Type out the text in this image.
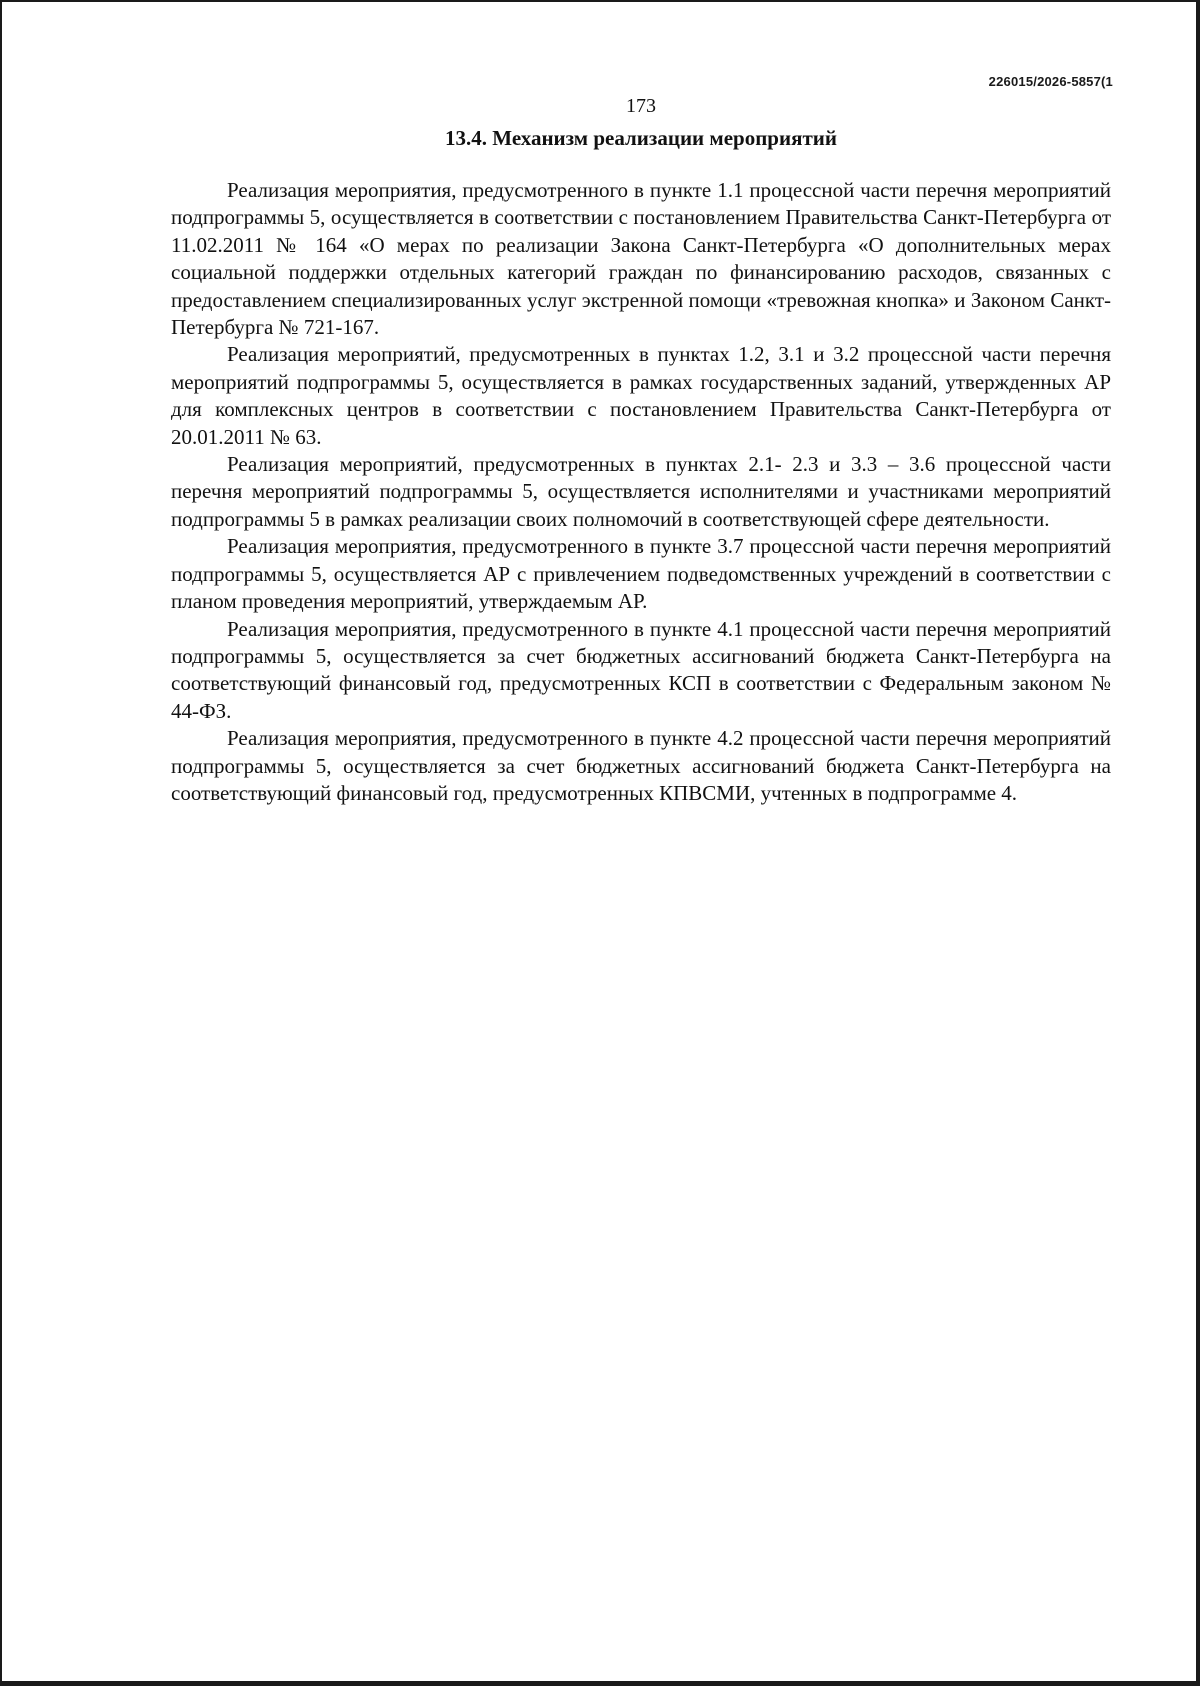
226015/2026-5857(1
173
13.4. Механизм реализации мероприятий

Реализация мероприятия, предусмотренного в пункте 1.1 процессной части перечня мероприятий подпрограммы 5, осуществляется в соответствии с постановлением Правительства Санкт-Петербурга от 11.02.2011 № 164 «О мерах по реализации Закона Санкт-Петербурга «О дополнительных мерах социальной поддержки отдельных категорий граждан по финансированию расходов, связанных с предоставлением специализированных услуг экстренной помощи «тревожная кнопка» и Законом Санкт-Петербурга № 721-167.

Реализация мероприятий, предусмотренных в пунктах 1.2, 3.1 и 3.2 процессной части перечня мероприятий подпрограммы 5, осуществляется в рамках государственных заданий, утвержденных АР для комплексных центров в соответствии с постановлением Правительства Санкт-Петербурга от 20.01.2011 № 63.

Реализация мероприятий, предусмотренных в пунктах 2.1- 2.3 и 3.3 – 3.6 процессной части перечня мероприятий подпрограммы 5, осуществляется исполнителями и участниками мероприятий подпрограммы 5 в рамках реализации своих полномочий в соответствующей сфере деятельности.

Реализация мероприятия, предусмотренного в пункте 3.7 процессной части перечня мероприятий подпрограммы 5, осуществляется АР с привлечением подведомственных учреждений в соответствии с планом проведения мероприятий, утверждаемым АР.

Реализация мероприятия, предусмотренного в пункте 4.1 процессной части перечня мероприятий подпрограммы 5, осуществляется за счет бюджетных ассигнований бюджета Санкт-Петербурга на соответствующий финансовый год, предусмотренных КСП в соответствии с Федеральным законом № 44-ФЗ.

Реализация мероприятия, предусмотренного в пункте 4.2 процессной части перечня мероприятий подпрограммы 5, осуществляется за счет бюджетных ассигнований бюджета Санкт-Петербурга на соответствующий финансовый год, предусмотренных КПВСМИ, учтенных в подпрограмме 4.
